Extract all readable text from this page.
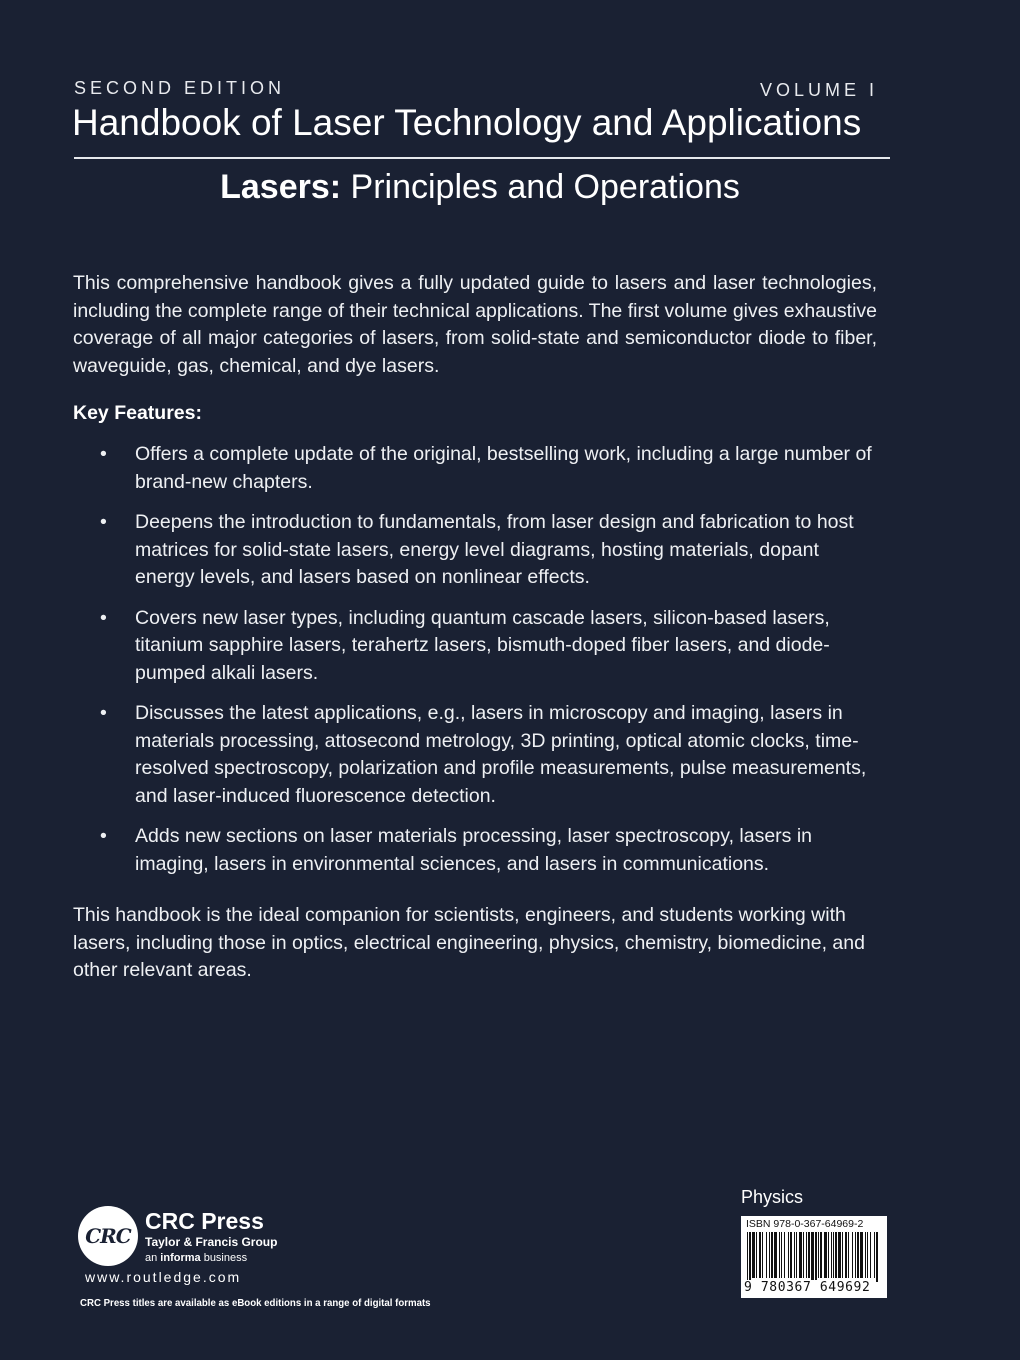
SECOND EDITION	VOLUME I
Handbook of Laser Technology and Applications
Lasers: Principles and Operations
This comprehensive handbook gives a fully updated guide to lasers and laser technologies, including the complete range of their technical applications. The first volume gives exhaustive coverage of all major categories of lasers, from solid-state and semiconductor diode to fiber, waveguide, gas, chemical, and dye lasers.
Key Features:
• Offers a complete update of the original, bestselling work, including a large number of brand-new chapters.
• Deepens the introduction to fundamentals, from laser design and fabrication to host matrices for solid-state lasers, energy level diagrams, hosting materials, dopant energy levels, and lasers based on nonlinear effects.
• Covers new laser types, including quantum cascade lasers, silicon-based lasers, titanium sapphire lasers, terahertz lasers, bismuth-doped fiber lasers, and diode-pumped alkali lasers.
• Discusses the latest applications, e.g., lasers in microscopy and imaging, lasers in materials processing, attosecond metrology, 3D printing, optical atomic clocks, time-resolved spectroscopy, polarization and profile measurements, pulse measurements, and laser-induced fluorescence detection.
• Adds new sections on laser materials processing, laser spectroscopy, lasers in imaging, lasers in environmental sciences, and lasers in communications.
This handbook is the ideal companion for scientists, engineers, and students working with lasers, including those in optics, electrical engineering, physics, chemistry, biomedicine, and other relevant areas.
CRC
CRC Press
Taylor & Francis Group
an informa business
www.routledge.com
CRC Press titles are available as eBook editions in a range of digital formats
Physics
ISBN 978-0-367-64969-2
9 780367 649692
